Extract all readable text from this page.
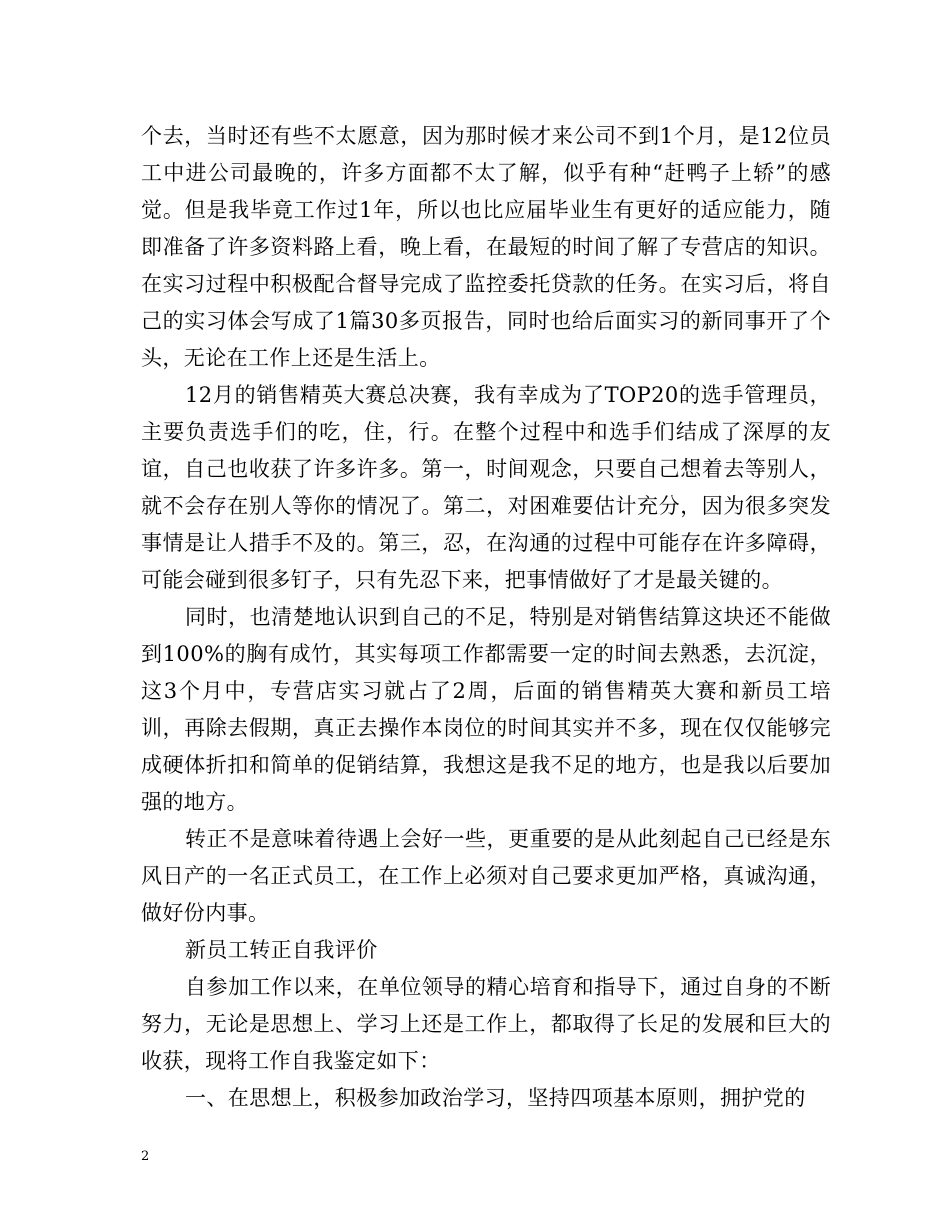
个去，当时还有些不太愿意，因为那时候才来公司不到1个月，是12位员工中进公司最晚的，许多方面都不太了解，似乎有种“赶鸭子上轿”的感觉。但是我毕竟工作过1年，所以也比应届毕业生有更好的适应能力，随即准备了许多资料路上看，晚上看，在最短的时间了解了专营店的知识。在实习过程中积极配合督导完成了监控委托贷款的任务。在实习后，将自己的实习体会写成了1篇30多页报告，同时也给后面实习的新同事开了个头，无论在工作上还是生活上。

12月的销售精英大赛总决赛，我有幸成为了TOP20的选手管理员，主要负责选手们的吃，住，行。在整个过程中和选手们结成了深厚的友谊，自己也收获了许多许多。第一，时间观念，只要自己想着去等别人，就不会存在别人等你的情况了。第二，对困难要估计充分，因为很多突发事情是让人措手不及的。第三，忍，在沟通的过程中可能存在许多障碍，可能会碰到很多钉子，只有先忍下来，把事情做好了才是最关键的。

同时，也清楚地认识到自己的不足，特别是对销售结算这块还不能做到100%的胸有成竹，其实每项工作都需要一定的时间去熟悉，去沉淀，这3个月中，专营店实习就占了2周，后面的销售精英大赛和新员工培训，再除去假期，真正去操作本岗位的时间其实并不多，现在仅仅能够完成硬体折扣和简单的促销结算，我想这是我不足的地方，也是我以后要加强的地方。

转正不是意味着待遇上会好一些，更重要的是从此刻起自己已经是东风日产的一名正式员工，在工作上必须对自己要求更加严格，真诚沟通，做好份内事。

新员工转正自我评价

自参加工作以来，在单位领导的精心培育和指导下，通过自身的不断努力，无论是思想上、学习上还是工作上，都取得了长足的发展和巨大的收获，现将工作自我鉴定如下：

一、在思想上，积极参加政治学习，坚持四项基本原则，拥护党的

2
